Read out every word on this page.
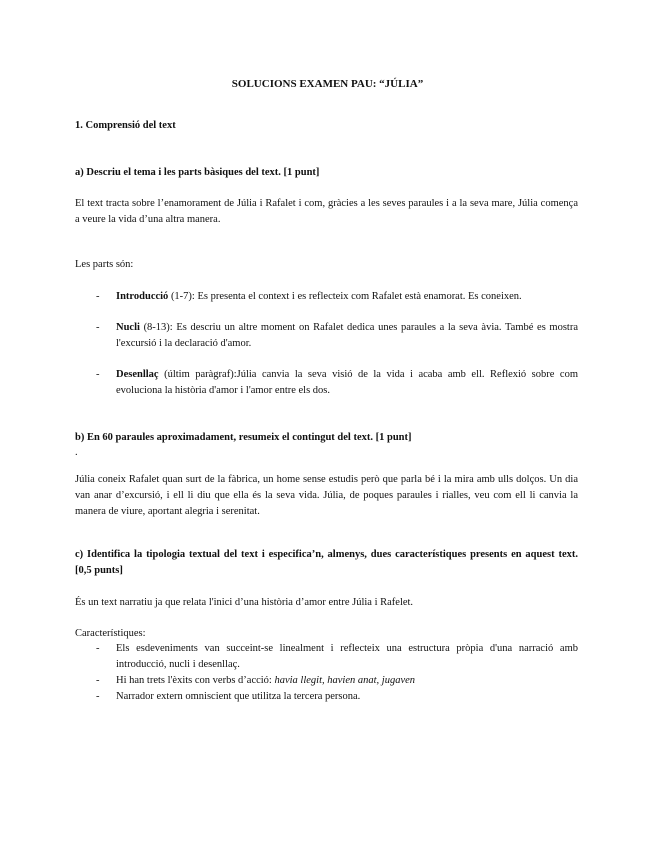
SOLUCIONS EXAMEN PAU: “JÚLIA”
1. Comprensió del text
a) Descriu el tema i les parts bàsiques del text. [1 punt]
El text tracta sobre l’enamorament de Júlia i Rafalet i com, gràcies a les seves paraules i a la seva mare, Júlia comença a veure la vida d’una altra manera.
Les parts són:
- Introducció (1-7): Es presenta el context i es reflecteix com Rafalet està enamorat. Es coneixen.
- Nucli (8-13): Es descriu un altre moment on Rafalet dedica unes paraules a la seva àvia. També es mostra l'excursió i la declaració d'amor.
- Desenllaç (últim paràgraf):Júlia canvia la seva visió de la vida i acaba amb ell. Reflexió sobre com evoluciona la història d'amor i l'amor entre els dos.
b) En 60 paraules aproximadament, resumeix el contingut del text. [1 punt]
.
Júlia coneix Rafalet quan surt de la fàbrica, un home sense estudis però que parla bé i la mira amb ulls dolços. Un dia van anar d’excursió, i ell li diu que ella és la seva vida. Júlia, de poques paraules i rialles, veu com ell li canvia la manera de viure, aportant alegria i serenitat.
c) Identifica la tipologia textual del text i especifica’n, almenys, dues característiques presents en aquest text. [0,5 punts]
És un text narratiu ja que relata l'inici d’una història d’amor entre Júlia i Rafelet.
Característiques:
- Els esdeveniments van succeint-se linealment i reflecteix una estructura pròpia d'una narració amb introducció, nucli i desenllaç.
- Hi han trets l'èxits con verbs d’acció: havia llegit, havien anat, jugaven
- Narrador extern omniscient que utilitza la tercera persona.
